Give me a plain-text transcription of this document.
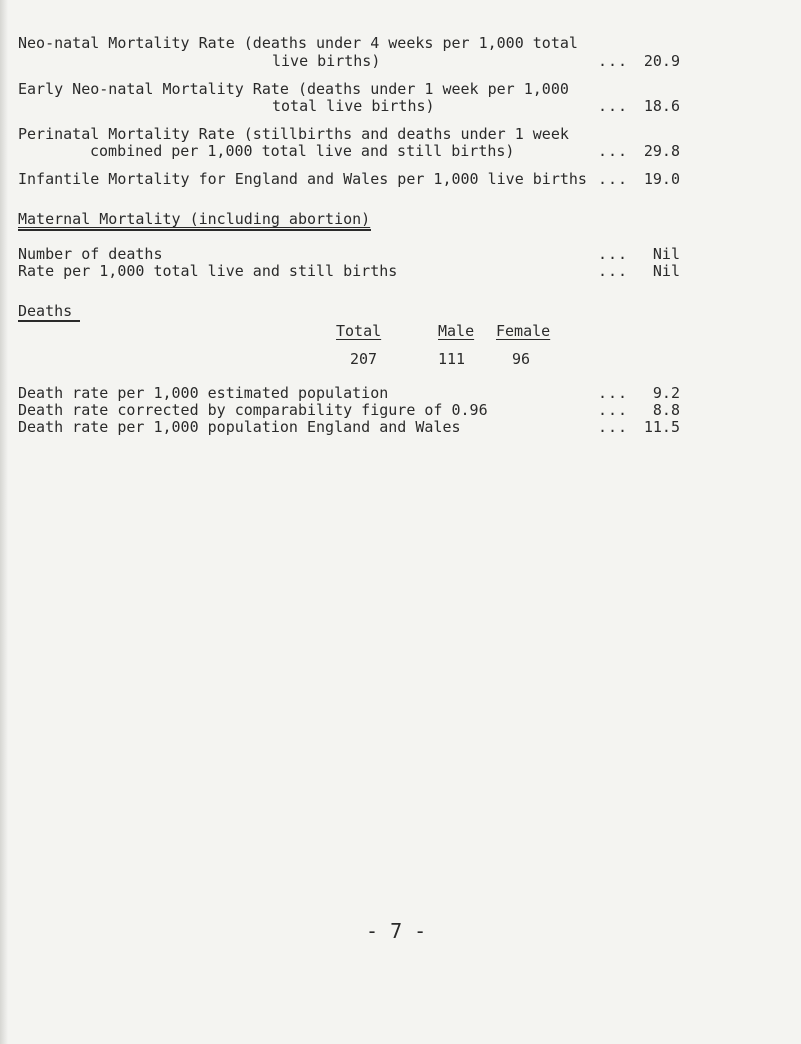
Neo-natal Mortality Rate (deaths under 4 weeks per 1,000 total
live births)	...	20.9
Early Neo-natal Mortality Rate (deaths under 1 week per 1,000
total live births)	...	18.6
Perinatal Mortality Rate (stillbirths and deaths under 1 week
combined per 1,000 total live and still births)	...	29.8
Infantile Mortality for England and Wales per 1,000 live births ...	19.0
Maternal Mortality (including abortion)
Number of deaths	...	Nil
Rate per 1,000 total live and still births	...	Nil
Deaths
Total	Male Female
207	111	96
Death rate per 1,000 estimated population	...	9.2
Death rate corrected by comparability figure of 0.96	...	8.8
Death rate per 1,000 population England and Wales	...	11.5
- 7 -
